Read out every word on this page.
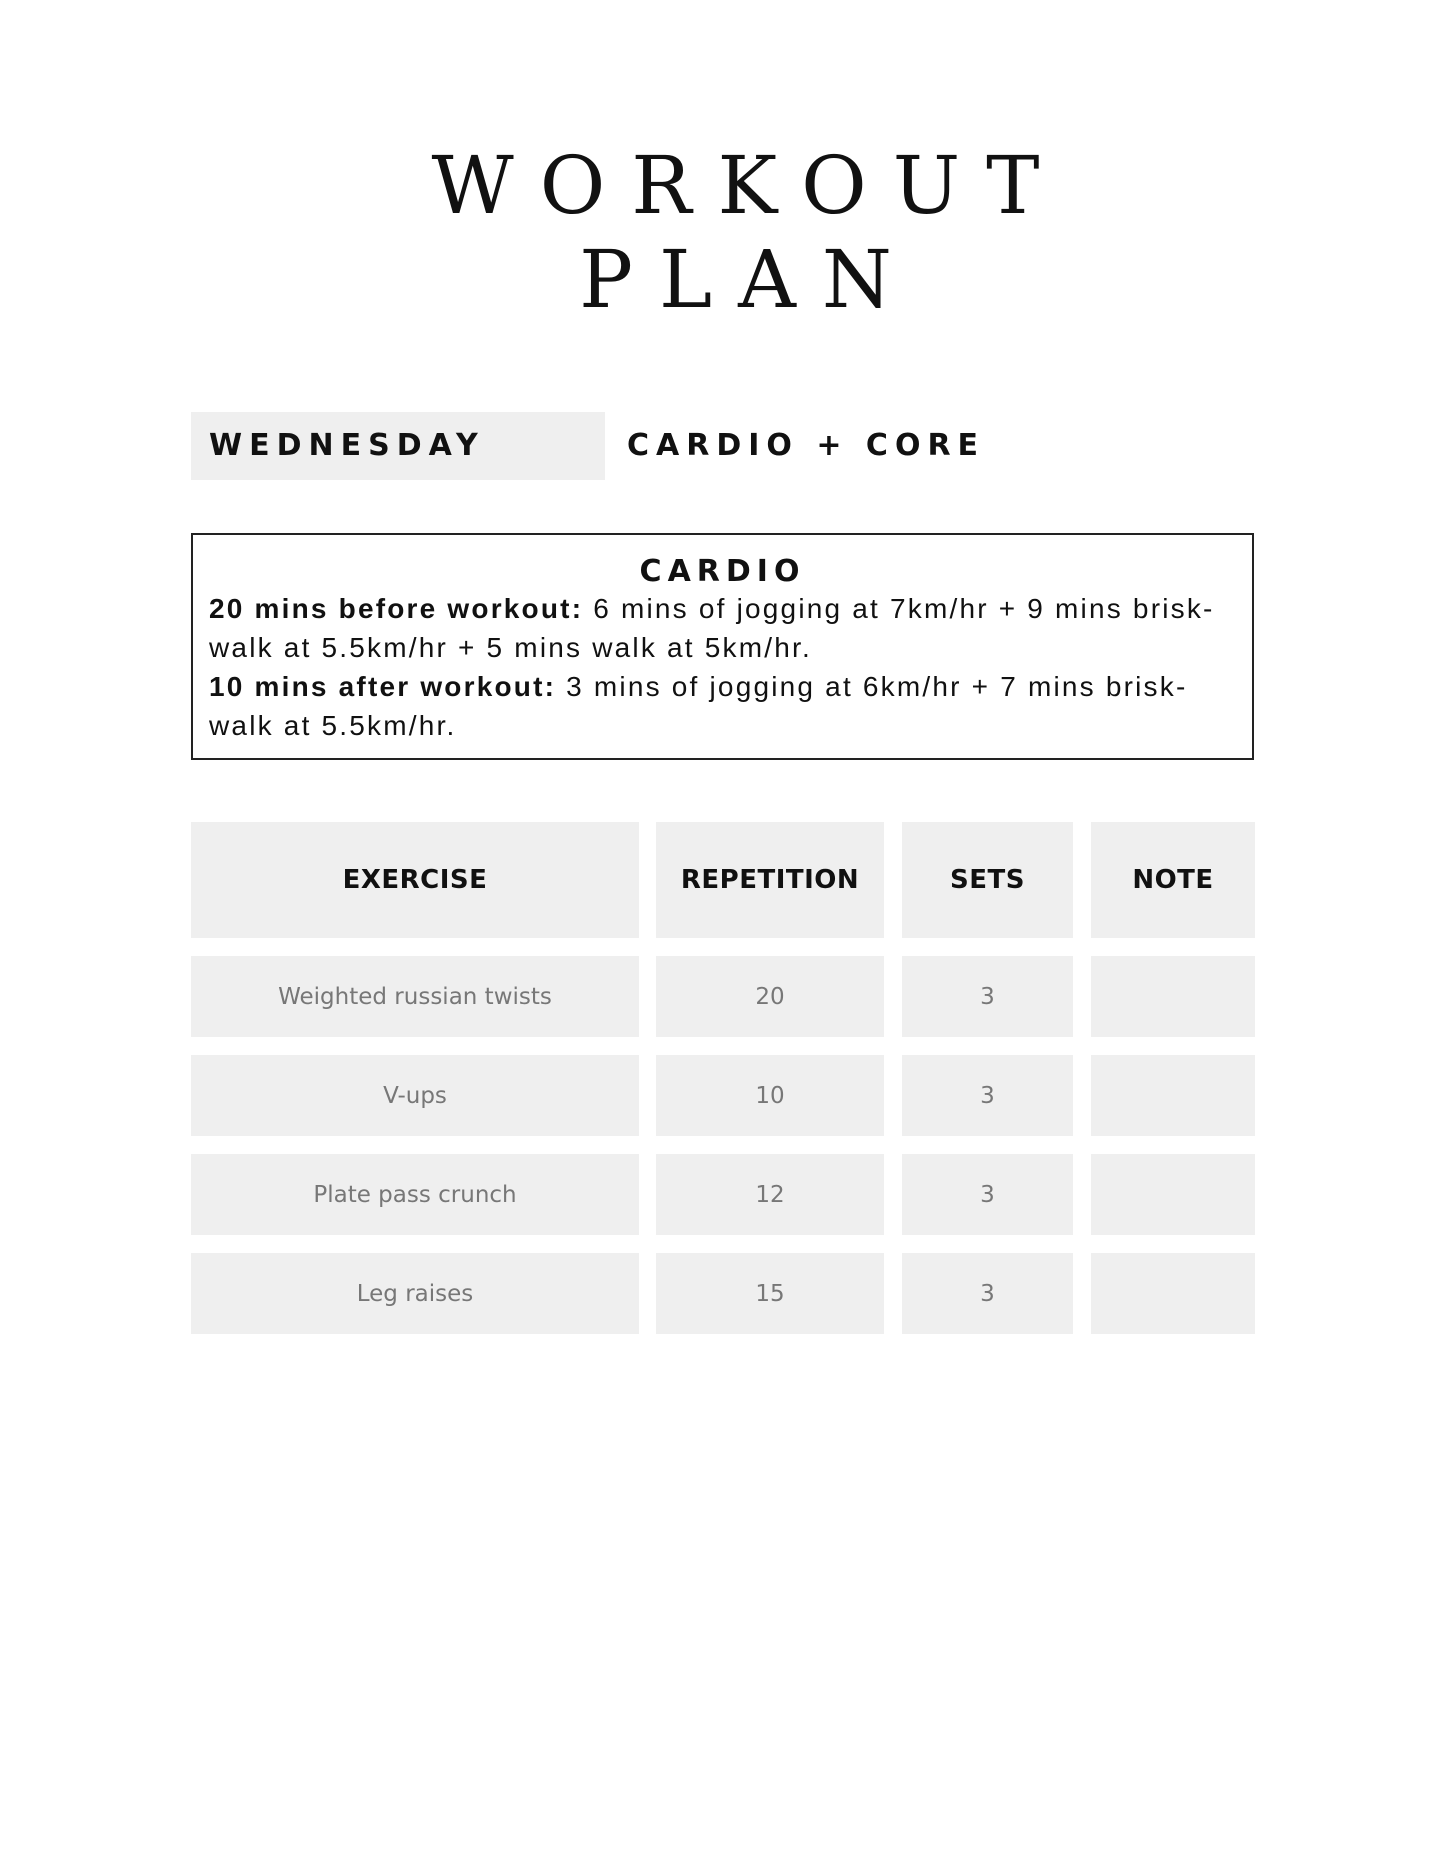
WORKOUT
PLAN
WEDNESDAY	CARDIO + CORE
CARDIO

20 mins before workout: 6 mins of jogging at 7km/hr + 9 mins brisk-walk at 5.5km/hr + 5 mins walk at 5km/hr.

10 mins after workout: 3 mins of jogging at 6km/hr + 7 mins brisk-walk at 5.5km/hr.

EXERCISE	REPETITION	SETS	NOTE
Weighted russian twists	20	3
V-ups	10	3
Plate pass crunch	12	3
Leg raises	15	3
